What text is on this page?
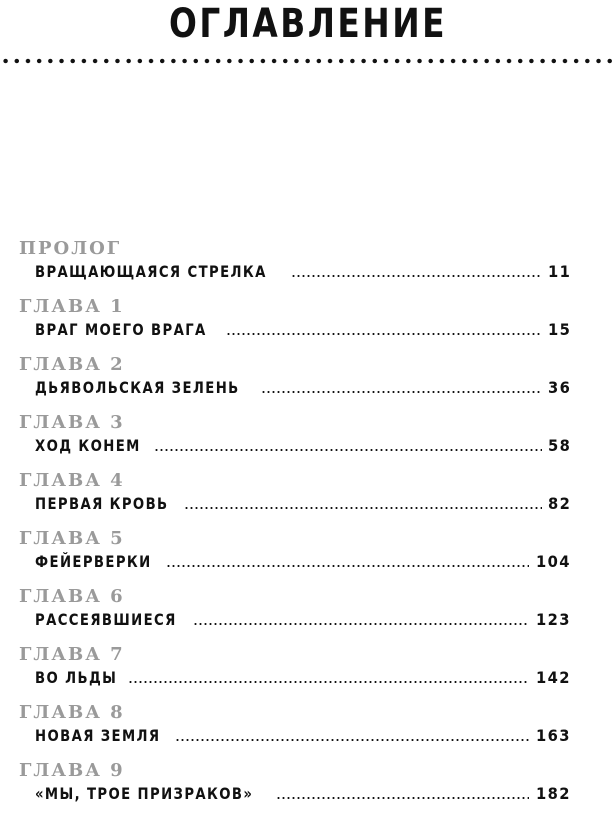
ОГЛАВЛЕНИЕ
ПРОЛОГ
ВРАЩАЮЩАЯСЯ СТРЕЛКА	11
ГЛАВА 1
ВРАГ МОЕГО ВРАГА	15
ГЛАВА 2
ДЬЯВОЛЬСКАЯ ЗЕЛЕНЬ	36
ГЛАВА 3
ХОД КОНЕМ	58
ГЛАВА 4
ПЕРВАЯ КРОВЬ	82
ГЛАВА 5
ФЕЙЕРВЕРКИ	104
ГЛАВА 6
РАССЕЯВШИЕСЯ	123
ГЛАВА 7
ВО ЛЬДЫ	142
ГЛАВА 8
НОВАЯ ЗЕМЛЯ	163
ГЛАВА 9
«МЫ, ТРОЕ ПРИЗРАКОВ»	182
